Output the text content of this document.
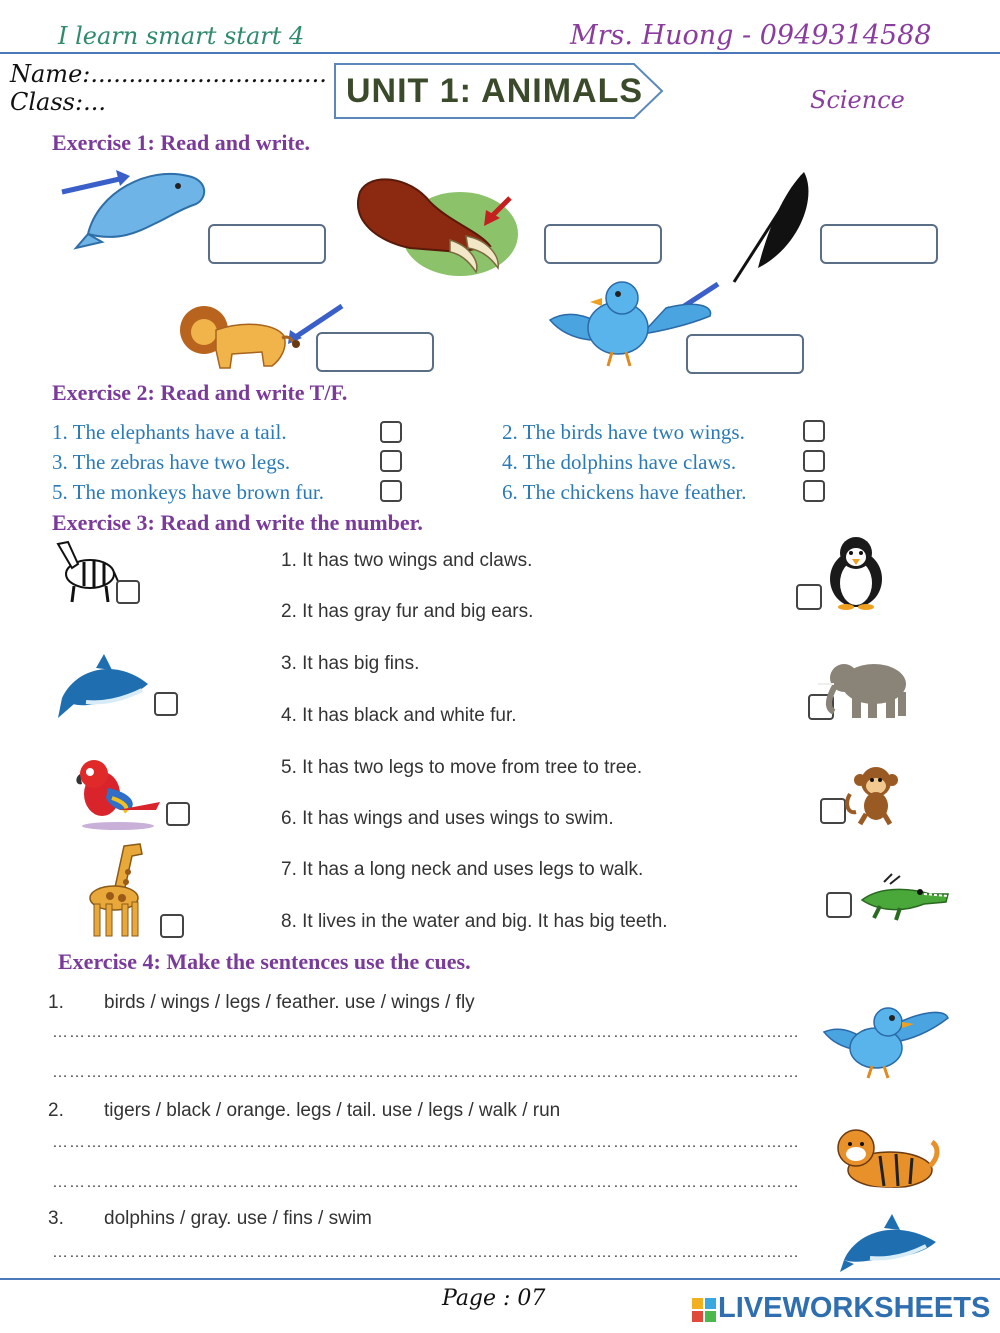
I learn smart start 4	Mrs. Huong - 0949314588
Name:...............................
Class:...	UNIT 1: ANIMALS	Science
Exercise 1: Read and write.
Exercise 2: Read and write T/F.
1. The elephants have a tail.	2. The birds have two wings.
3. The zebras have two legs.	4. The dolphins have claws.
5. The monkeys have brown fur.	6. The chickens have feather.
Exercise 3: Read and write the number.
1. It has two wings and claws.
2. It has gray fur and big ears.
3. It has big fins.
4. It has black and white fur.
5. It has two legs to move from tree to tree.
6. It has wings and uses wings to swim.
7. It has a long neck and uses legs to walk.
8. It lives in the water and big. It has big teeth.
Exercise 4: Make the sentences use the cues.
1. birds / wings / legs / feather. use / wings / fly
……………………………………………………………………………………………………………………
……………………………………………………………………………………………………………………
2. tigers / black / orange. legs / tail. use / legs / walk / run
……………………………………………………………………………………………………………………
……………………………………………………………………………………………………………………
3. dolphins / gray. use / fins / swim
……………………………………………………………………………………………………………………
Page : 07	LIVEWORKSHEETS
